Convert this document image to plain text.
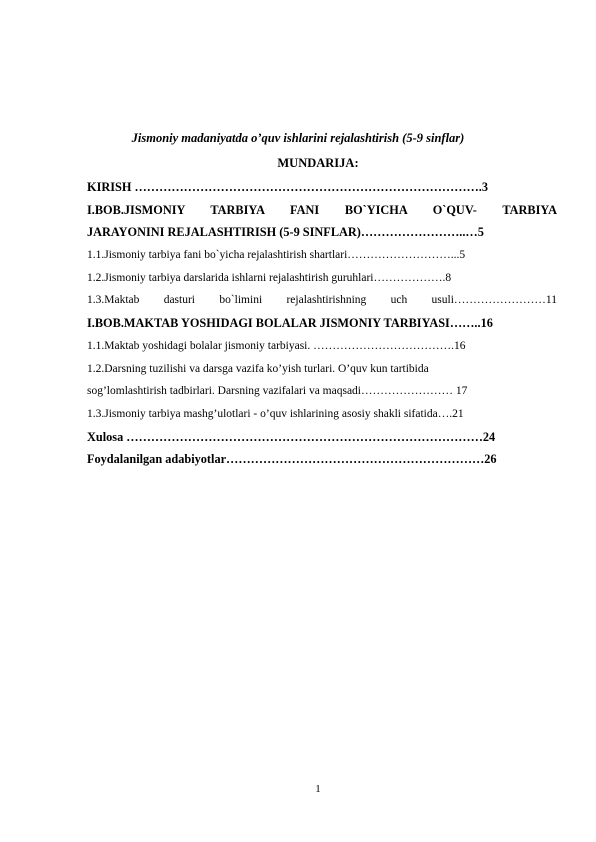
Jismoniy madaniyatda o’quv ishlarini rejalashtirish (5-9 sinflar)
MUNDARIJA:
KIRISH ………………………………………………………………………….3
I.BOB.JISMONIY TARBIYA FANI BO`YICHA O`QUV- TARBIYA
JARAYONINI REJALASHTIRISH (5-9 SINFLAR)……………………..…5
1.1.Jismoniy tarbiya fani bo`yicha rejalashtirish shartlari………………………...5
1.2.Jismoniy tarbiya darslarida ishlarni rejalashtirish guruhlari……………….8
1.3.Maktab dasturi bo`limini rejalashtirishning uch usuli……………………11
I.BOB.MAKTAB YOSHIDAGI BOLALAR JISMONIY TARBIYASI……..16
1.1.Maktab yoshidagi bolalar jismoniy tarbiyasi. ……………………………….16
1.2.Darsning tuzilishi va darsga vazifa ko’yish turlari. O’quv kun tartibida
sog’lomlashtirish tadbirlari. Darsning vazifalari va maqsadi…………………… 17
1.3.Jismoniy tarbiya mashg’ulotlari - o’quv ishlarining asosiy shakli sifatida….21
Xulosa ……………………………………………………………………………24
Foydalanilgan adabiyotlar………………………………………………………26
1
